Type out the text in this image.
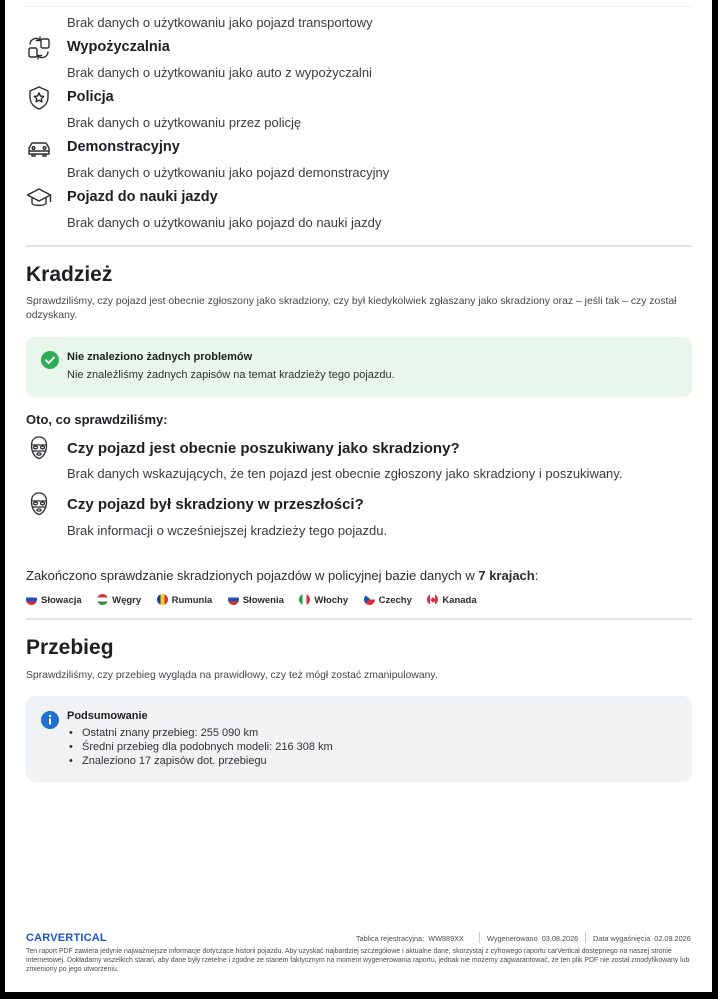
Brak danych o użytkowaniu jako pojazd transportowy
Wypożyczalnia
Brak danych o użytkowaniu jako auto z wypożyczalni
Policja
Brak danych o użytkowaniu przez policję
Demonstracyjny
Brak danych o użytkowaniu jako pojazd demonstracyjny
Pojazd do nauki jazdy
Brak danych o użytkowaniu jako pojazd do nauki jazdy
Kradzież
Sprawdziliśmy, czy pojazd jest obecnie zgłoszony jako skradziony, czy był kiedykolwiek zgłaszany jako skradziony oraz – jeśli tak – czy został odzyskany.
Nie znaleziono żadnych problemów
Nie znaleźliśmy żadnych zapisów na temat kradzieży tego pojazdu.
Oto, co sprawdziliśmy:
Czy pojazd jest obecnie poszukiwany jako skradziony?
Brak danych wskazujących, że ten pojazd jest obecnie zgłoszony jako skradziony i poszukiwany.
Czy pojazd był skradziony w przeszłości?
Brak informacji o wcześniejszej kradzieży tego pojazdu.
Zakończono sprawdzanie skradzionych pojazdów w policyjnej bazie danych w 7 krajach:
Słowacja	Węgry	Rumunia	Słowenia	Włochy	Czechy	Kanada
Przebieg
Sprawdziliśmy, czy przebieg wygląda na prawidłowy, czy też mógł zostać zmanipulowany.
Podsumowanie
• Ostatni znany przebieg: 255 090 km
• Średni przebieg dla podobnych modeli: 216 308 km
• Znaleziono 17 zapisów dot. przebiegu
CARVERTICAL	Tablica rejestracyjna: WW889XX	Wygenerowano 03.08.2026 Data wygaśnięcia 02.09.2026
Ten raport PDF zawiera jedynie najważniejsze informacje dotyczące historii pojazdu. Aby uzyskać najbardziej szczegółowe i aktualne dane, skorzystaj z cyfrowego raportu carVertical dostępnego na naszej stronie internetowej. Dokładamy wszelkich starań, aby dane były rzetelne i zgodne ze stanem faktycznym na moment wygenerowania raportu, jednak nie możemy zagwarantować, że ten plik PDF nie został zmodyfikowany lub zmieniony po jego utworzeniu.
